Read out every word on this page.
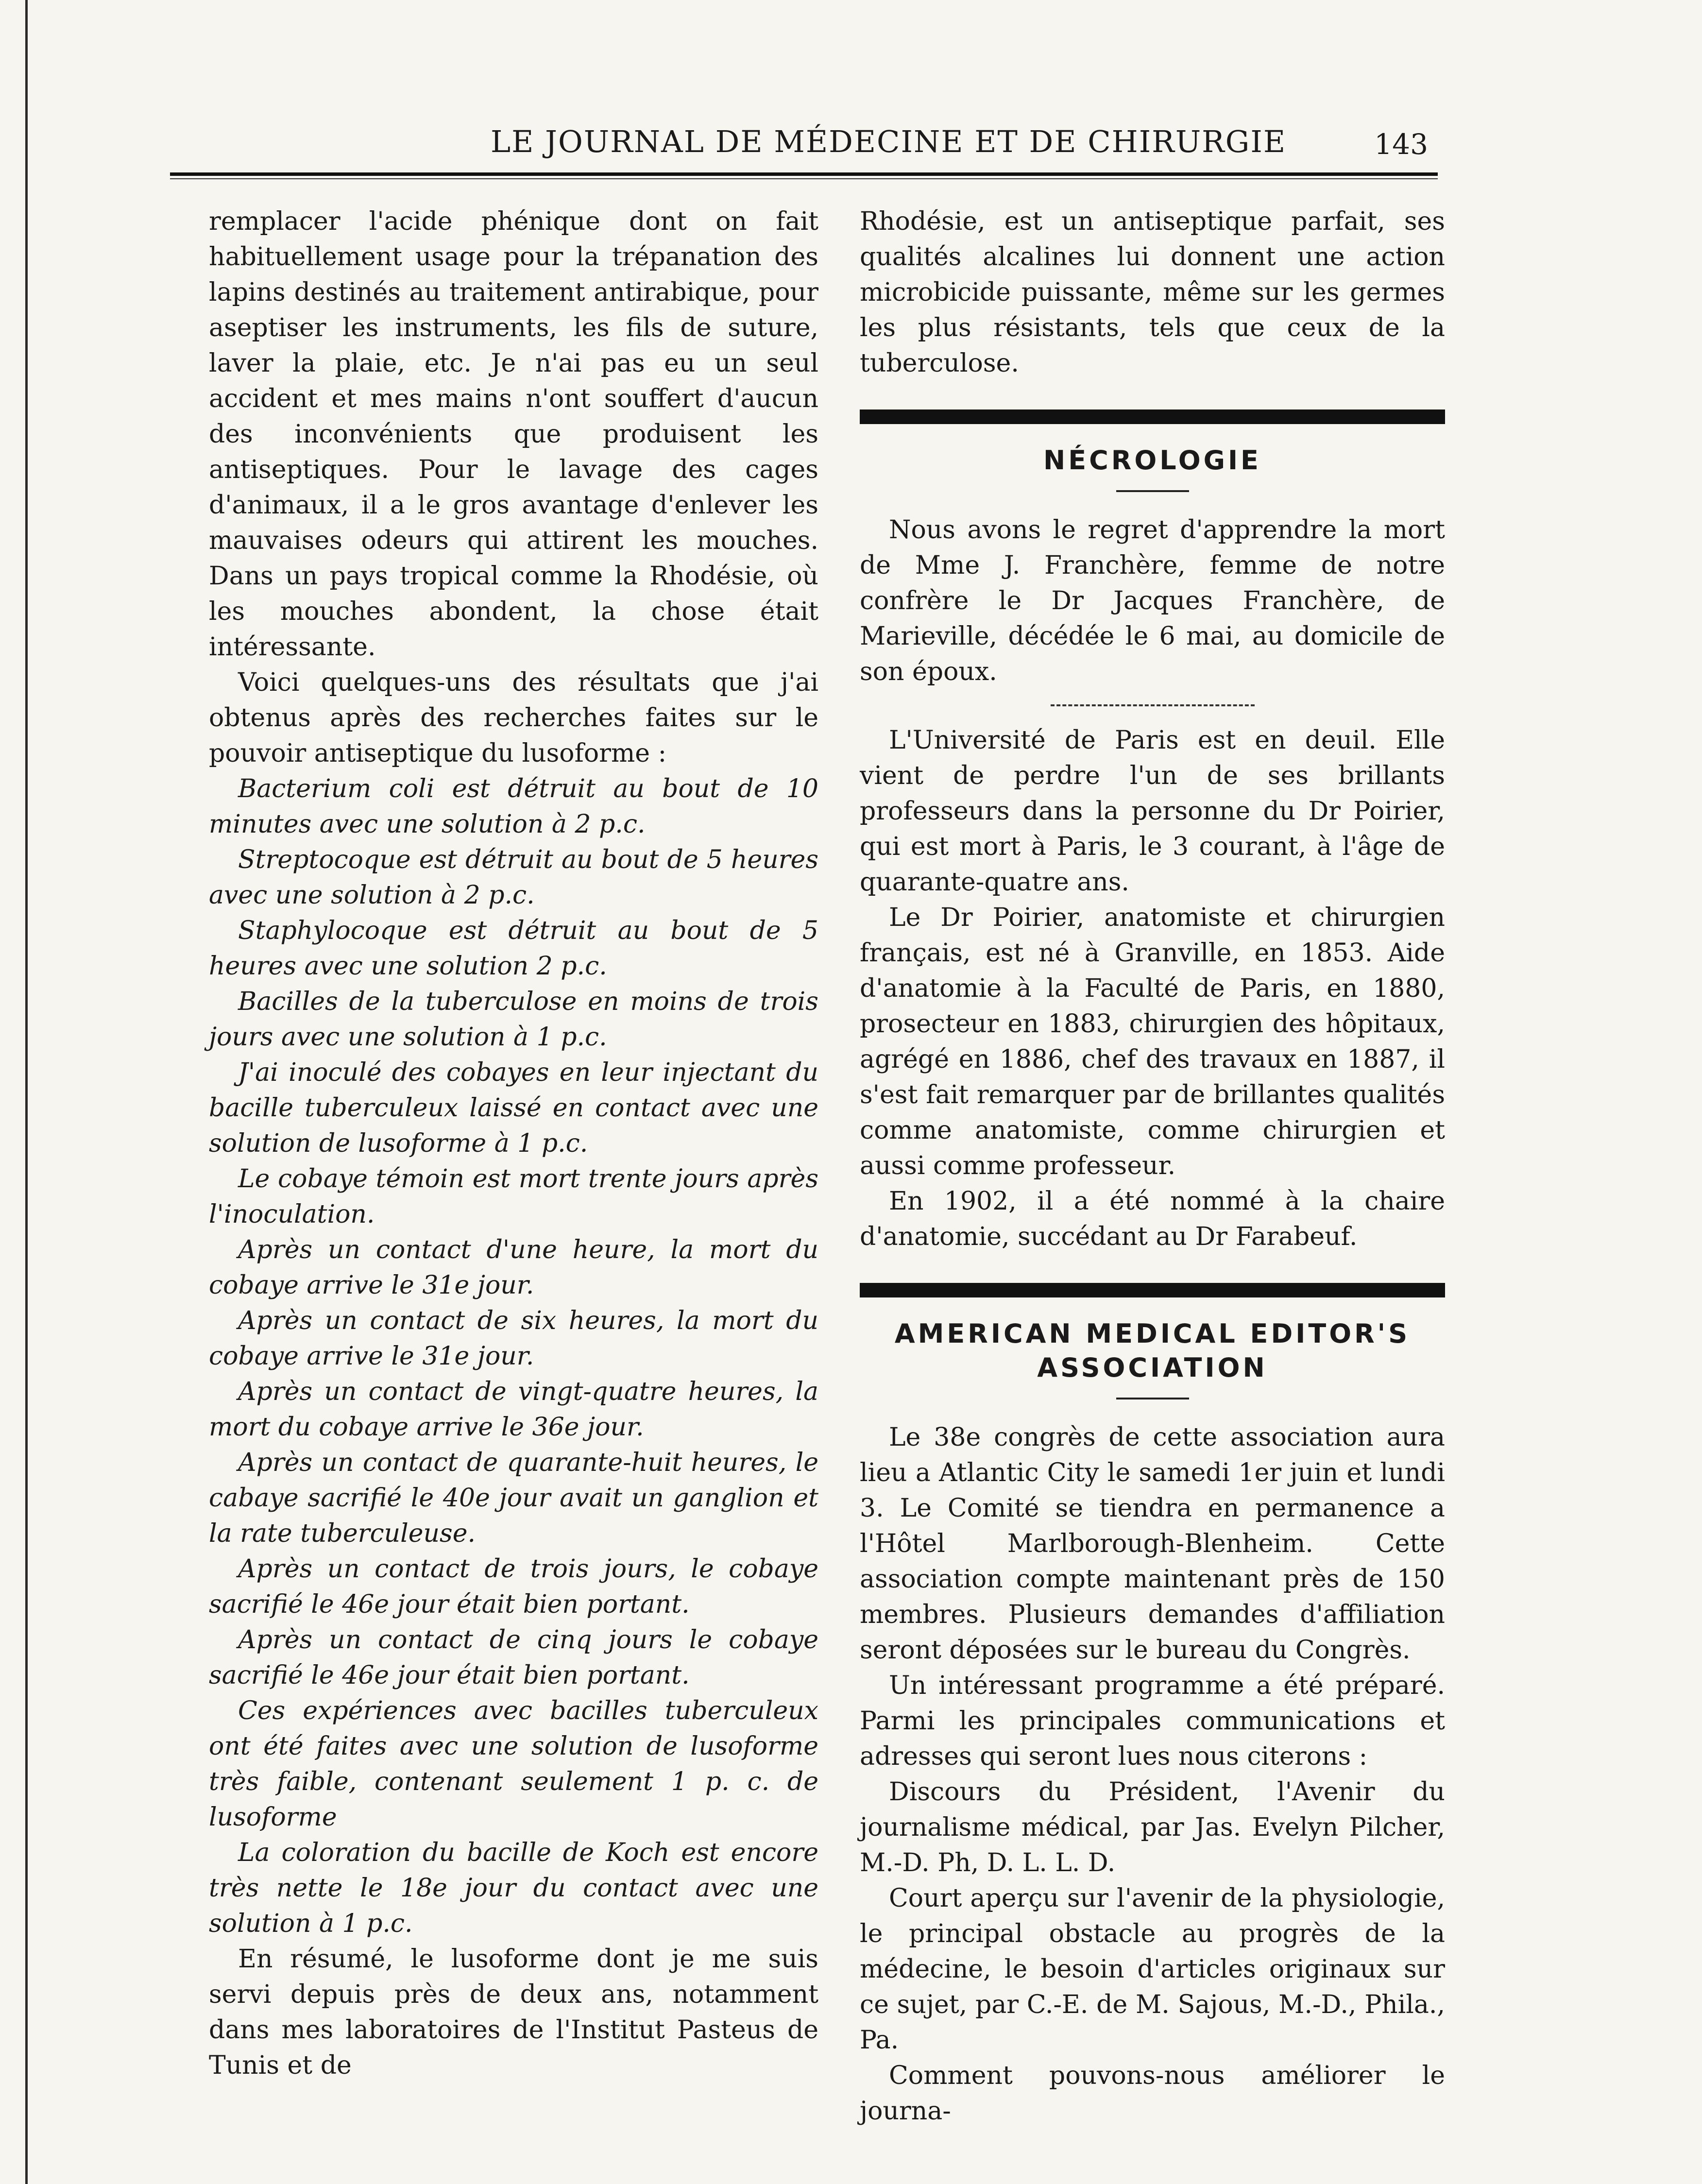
LE JOURNAL DE MÉDECINE ET DE CHIRURGIE	143

remplacer l'acide phénique dont on fait habituellement usage pour la trépanation des lapins destinés au traitement antirabique, pour aseptiser les instruments, les fils de suture, laver la plaie, etc. Je n'ai pas eu un seul accident et mes mains n'ont souffert d'aucun des inconvénients que produisent les antiseptiques. Pour le lavage des cages d'animaux, il a le gros avantage d'enlever les mauvaises odeurs qui attirent les mouches. Dans un pays tropical comme la Rhodésie, où les mouches abondent, la chose était intéressante.

Voici quelques-uns des résultats que j'ai obtenus après des recherches faites sur le pouvoir antiseptique du lusoforme :

Bacterium coli est détruit au bout de 10 minutes avec une solution à 2 p.c.

Streptocoque est détruit au bout de 5 heures avec une solution à 2 p.c.

Staphylocoque est détruit au bout de 5 heures avec une solution 2 p.c.

Bacilles de la tuberculose en moins de trois jours avec une solution à 1 p.c.

J'ai inoculé des cobayes en leur injectant du bacille tuberculeux laissé en contact avec une solution de lusoforme à 1 p.c.

Le cobaye témoin est mort trente jours après l'inoculation.

Après un contact d'une heure, la mort du cobaye arrive le 31e jour.

Après un contact de six heures, la mort du cobaye arrive le 31e jour.

Après un contact de vingt-quatre heures, la mort du cobaye arrive le 36e jour.

Après un contact de quarante-huit heures, le cabaye sacrifié le 40e jour avait un ganglion et la rate tuberculeuse.

Après un contact de trois jours, le cobaye sacrifié le 46e jour était bien portant.

Après un contact de cinq jours le cobaye sacrifié le 46e jour était bien portant.

Ces expériences avec bacilles tuberculeux ont été faites avec une solution de lusoforme très faible, contenant seulement 1 p. c. de lusoforme

La coloration du bacille de Koch est encore très nette le 18e jour du contact avec une solution à 1 p.c.

En résumé, le lusoforme dont je me suis servi depuis près de deux ans, notamment dans mes laboratoires de l'Institut Pasteus de Tunis et de

Rhodésie, est un antiseptique parfait, ses qualités alcalines lui donnent une action microbicide puissante, même sur les germes les plus résistants, tels que ceux de la tuberculose.

NÉCROLOGIE

Nous avons le regret d'apprendre la mort de Mme J. Franchère, femme de notre confrère le Dr Jacques Franchère, de Marieville, décédée le 6 mai, au domicile de son époux.

L'Université de Paris est en deuil. Elle vient de perdre l'un de ses brillants professeurs dans la personne du Dr Poirier, qui est mort à Paris, le 3 courant, à l'âge de quarante-quatre ans.

Le Dr Poirier, anatomiste et chirurgien français, est né à Granville, en 1853. Aide d'anatomie à la Faculté de Paris, en 1880, prosecteur en 1883, chirurgien des hôpitaux, agrégé en 1886, chef des travaux en 1887, il s'est fait remarquer par de brillantes qualités comme anatomiste, comme chirurgien et aussi comme professeur.

En 1902, il a été nommé à la chaire d'anatomie, succédant au Dr Farabeuf.

AMERICAN MEDICAL EDITOR'S
ASSOCIATION

Le 38e congrès de cette association aura lieu a Atlantic City le samedi 1er juin et lundi 3. Le Comité se tiendra en permanence a l'Hôtel Marlborough-Blenheim. Cette association compte maintenant près de 150 membres. Plusieurs demandes d'affiliation seront déposées sur le bureau du Congrès.

Un intéressant programme a été préparé. Parmi les principales communications et adresses qui seront lues nous citerons :

Discours du Président, l'Avenir du journalisme médical, par Jas. Evelyn Pilcher, M.-D. Ph, D. L. L. D.

Court aperçu sur l'avenir de la physiologie, le principal obstacle au progrès de la médecine, le besoin d'articles originaux sur ce sujet, par C.-E. de M. Sajous, M.-D., Phila., Pa.

Comment pouvons-nous améliorer le journa-
